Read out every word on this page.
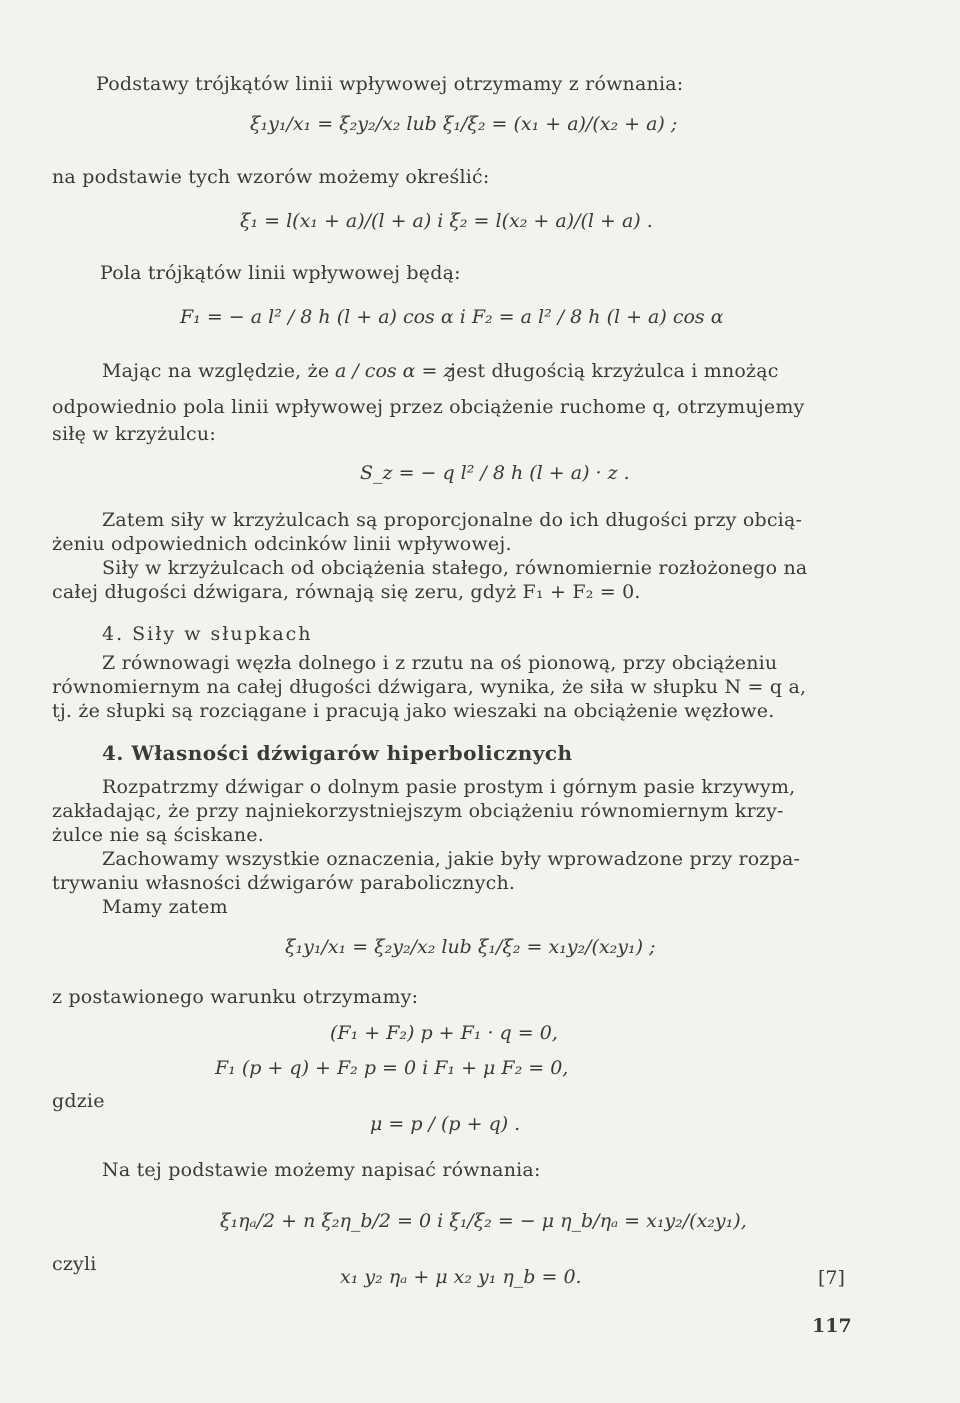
Podstawy trójkątów linii wpływowej otrzymamy z równania:
ξ₁y₁/x₁ = ξ₂y₂/x₂ lub ξ₁/ξ₂ = (x₁ + a)/(x₂ + a) ;
na podstawie tych wzorów możemy określić:
ξ₁ = l(x₁ + a)/(l + a) i ξ₂ = l(x₂ + a)/(l + a) .
Pola trójkątów linii wpływowej będą:
F₁ = − a l² / 8 h (l + a) cos α i F₂ = a l² / 8 h (l + a) cos α
Mając na względzie, że a / cos α = z
jest długością krzyżulca i mnożąc
odpowiednio pola linii wpływowej przez obciążenie ruchome q, otrzymujemy
siłę w krzyżulcu:
S_z = − q l² / 8 h (l + a) · z .
Zatem siły w krzyżulcach są proporcjonalne do ich długości przy obcią-
żeniu odpowiednich odcinków linii wpływowej.
Siły w krzyżulcach od obciążenia stałego, równomiernie rozłożonego na
całej długości dźwigara, równają się zeru, gdyż F₁ + F₂ = 0.
4. Siły w słupkach
Z równowagi węzła dolnego i z rzutu na oś pionową, przy obciążeniu
równomiernym na całej długości dźwigara, wynika, że siła w słupku N = q a,
tj. że słupki są rozciągane i pracują jako wieszaki na obciążenie węzłowe.
4. Własności dźwigarów hiperbolicznych
Rozpatrzmy dźwigar o dolnym pasie prostym i górnym pasie krzywym,
zakładając, że przy najniekorzystniejszym obciążeniu równomiernym krzy-
żulce nie są ściskane.
Zachowamy wszystkie oznaczenia, jakie były wprowadzone przy rozpa-
trywaniu własności dźwigarów parabolicznych.
Mamy zatem
ξ₁y₁/x₁ = ξ₂y₂/x₂ lub ξ₁/ξ₂ = x₁y₂/(x₂y₁) ;
z postawionego warunku otrzymamy:
(F₁ + F₂) p + F₁ · q = 0,
F₁ (p + q) + F₂ p = 0 i F₁ + μ F₂ = 0,
gdzie
μ = p / (p + q) .
Na tej podstawie możemy napisać równania:
ξ₁ηₐ/2 + n ξ₂η_b/2 = 0 i ξ₁/ξ₂ = − μ η_b/ηₐ = x₁y₂/(x₂y₁),
czyli
x₁ y₂ ηₐ + μ x₂ y₁ η_b = 0.	[7]
117
